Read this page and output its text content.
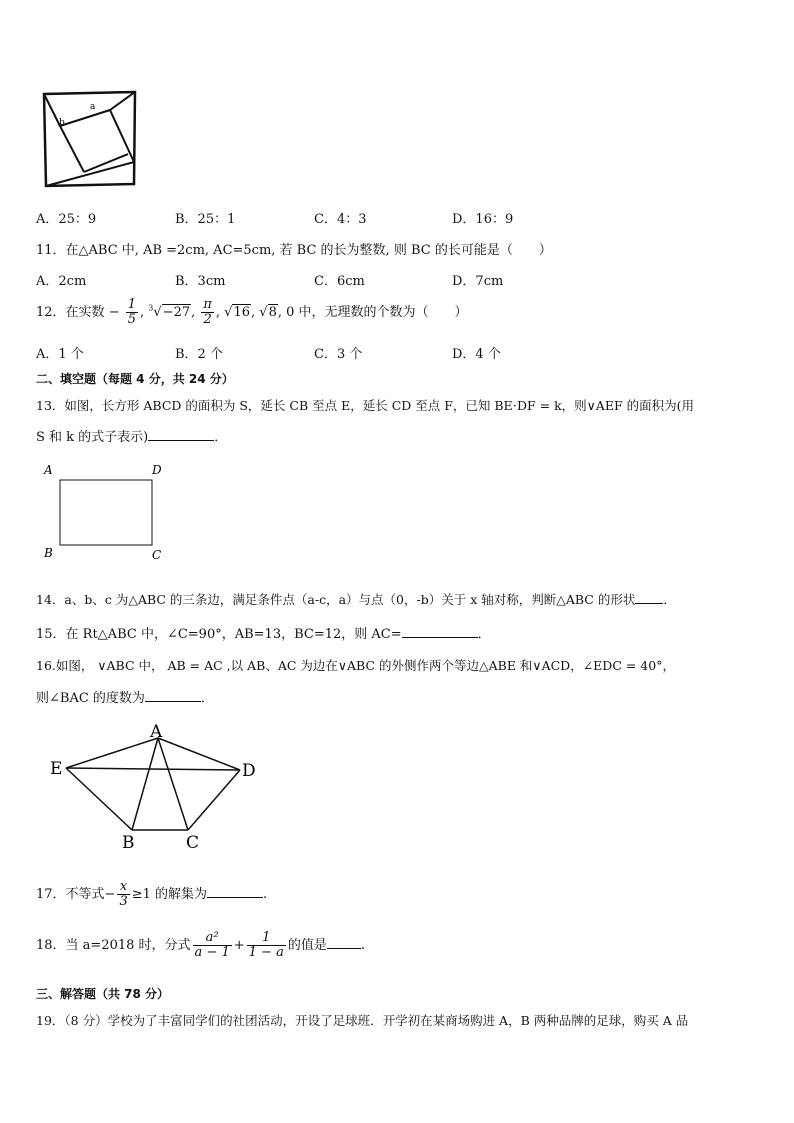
a
b
A．25：9	B．25：1	C．4：3	D．16：9
11．在△ABC 中, AB =2cm, AC=5cm, 若 BC 的长为整数, 则 BC 的长可能是（　　）
A．2cm	B．3cm	C．6cm	D．7cm
12．在实数 − $\frac{1}{5}$ , $^3$√−27, $\frac{\pi}{2}$ , √16, √8, 0 中，无理数的个数为（　　）
A．1 个	B．2 个	C．3 个	D．4 个
二、填空题（每题 4 分，共 24 分）
13．如图，长方形 ABCD 的面积为 S，延长 CB 至点 E，延长 CD 至点 F，已知 BE⋅DF = k，则∨AEF 的面积为(用
S 和 k 的式子表示)	．
A	D
B	C
14．a、b、c 为△ABC 的三条边，满足条件点（a-c，a）与点（0，-b）关于 x 轴对称，判断△ABC 的形状 ．
15．在 Rt△ABC 中，∠C=90°，AB=13，BC=12，则 AC=	．
16.如图， ∨ABC 中， AB = AC ,以 AB、AC 为边在∨ABC 的外侧作两个等边△ABE 和∨ACD，∠EDC = 40°，
则∠BAC 的度数为	．
A
E	D
B	C
17．不等式− $\frac{x}{3} \ge 1$ 的解集为	.
18．当 a=2018 时，分式 $\frac{\text{a²}}{a - 1} + \frac{1}{1 - a}$ 的值是	.
三、解答题（共 78 分）
19．（8 分）学校为了丰富同学们的社团活动，开设了足球班．开学初在某商场购进 A，B 两种品牌的足球，购买 A 品
